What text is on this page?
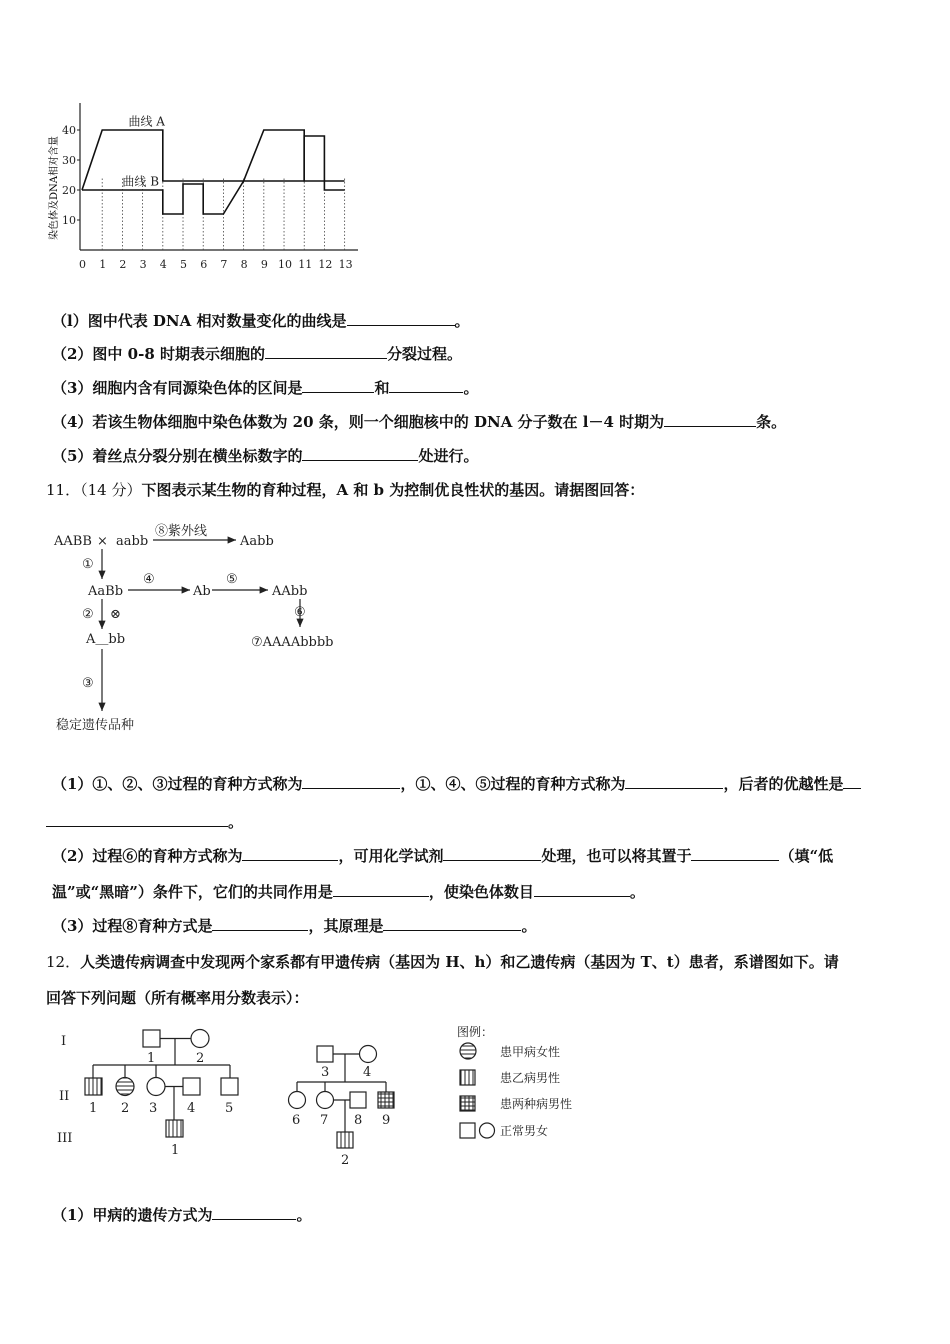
10
20
30
40
0 1 2 3 4 5 6 7 8 9 10 11 12 13
曲线 A
曲线 B
染色体及DNA相对含量
（l）图中代表 DNA 相对数量变化的曲线是	。
（2）图中 0-8 时期表示细胞的	分裂过程。
（3）细胞内含有同源染色体的区间是	和	。
（4）若该生物体细胞中染色体数为 20 条，则一个细胞核中的 DNA 分子数在 l－4 时期为	条。
（5）着丝点分裂分别在横坐标数字的	处进行。
11．（14 分）下图表示某生物的育种过程，A 和 b 为控制优良性状的基因。请据图回答：
AABB × aabb
⑧紫外线
Aabb
①
AaBb
④
Ab
⑤
AAbb
② ⊗	⑥
⑦AAAAbbbb
A＿bb
③
稳定遗传品种
（1）①、②、③过程的育种方式称为	，①、④、⑤过程的育种方式称为	，后者的优越性是
。
（2）过程⑥的育种方式称为	，可用化学试剂	处理，也可以将其置于	（填“低
温”或“黑暗”）条件下，它们的共同作用是	，使染色体数目	。
（3）过程⑧育种方式是	，其原理是	。
12．人类遗传病调查中发现两个家系都有甲遗传病（基因为 H、h）和乙遗传病（基因为 T、t）患者，系谱图如下。请
回答下列问题（所有概率用分数表示）：
I
II
III
1	2
1 2 3 4 5
1
3	4
6 7 8 9
2
图例：
患甲病女性
患乙病男性
患两种病男性
正常男女
（1）甲病的遗传方式为	。
